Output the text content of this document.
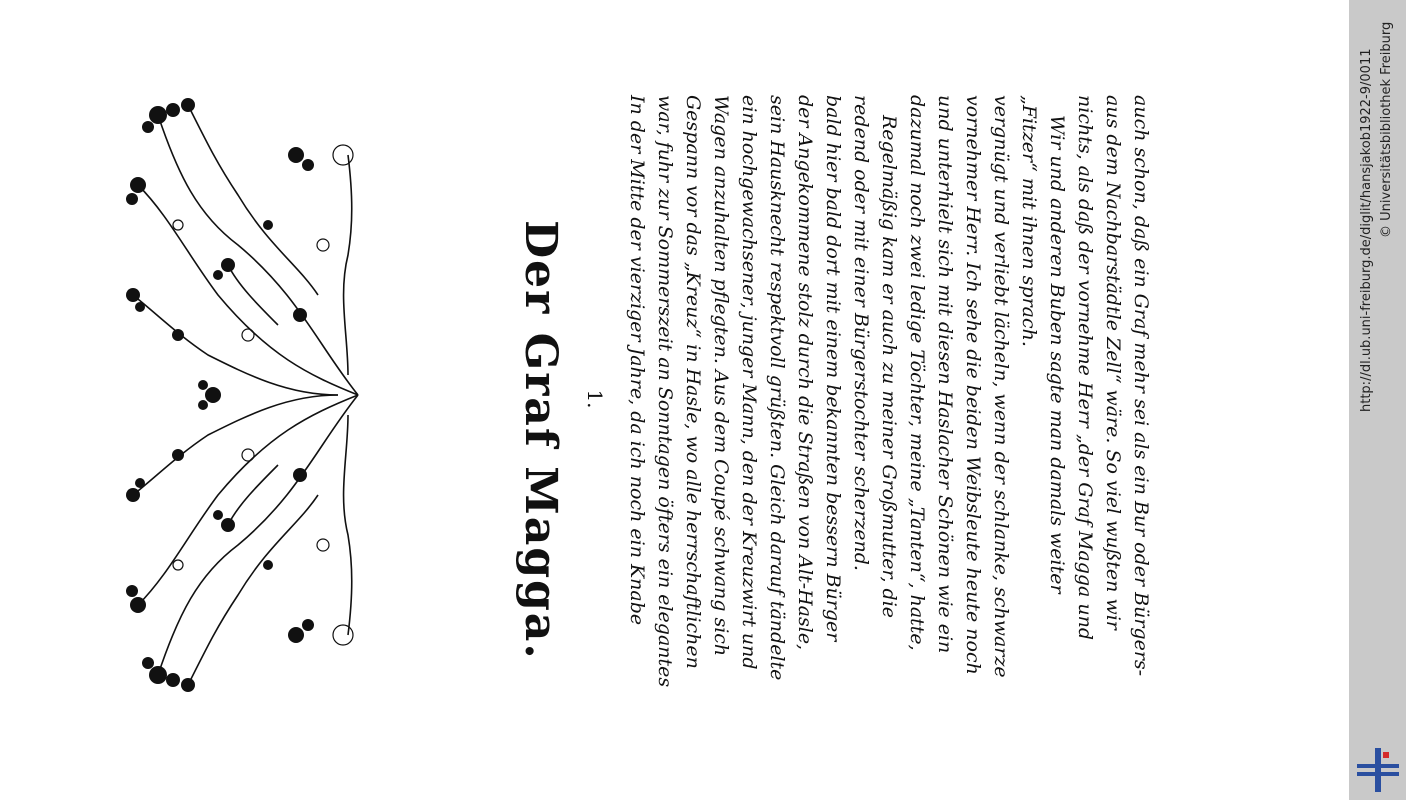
Der Graf Magga. 1. In der Mitte der vierziger Jahre, da ich noch ein Knabe war, fuhr zur Sommerszeit an Sonntagen öfters ein elegantes Gespann vor das „Kreuz“ in Hasle, wo alle herrschaftlichen Wagen anzuhalten pflegten. Aus dem Coupé schwang sich ein hochgewachsener, junger Mann, den der Kreuzwirt und sein Hausknecht respektvoll grüßten. Gleich darauf tändelte der Angekommene stolz durch die Straßen von Alt-Hasle, bald hier bald dort mit einem bekannten bessern Bürger redend oder mit einer Bürgerstochter scherzend. Regelmäßig kam er auch zu meiner Großmutter, die dazumal noch zwei ledige Töchter, meine „Tanten“, hatte, und unterhielt sich mit diesen Haslacher Schönen wie ein vornehmer Herr. Ich sehe die beiden Weibsleute heute noch vergnügt und verliebt lächeln, wenn der schlanke, schwarze „Fitzer“ mit ihnen sprach. Wir und anderen Buben sagte man damals weiter nichts, als daß der vornehme Herr „der Graf Magga und aus dem Nachbarstädtle Zell“ wäre. So viel wußten wir auch schon, daß ein Graf mehr sei als ein Bur oder Bürgers-	http://dl.ub.uni-freiburg.de/diglit/hansjakob1922-9/0011 © Universitätsbibliothek Freiburg
